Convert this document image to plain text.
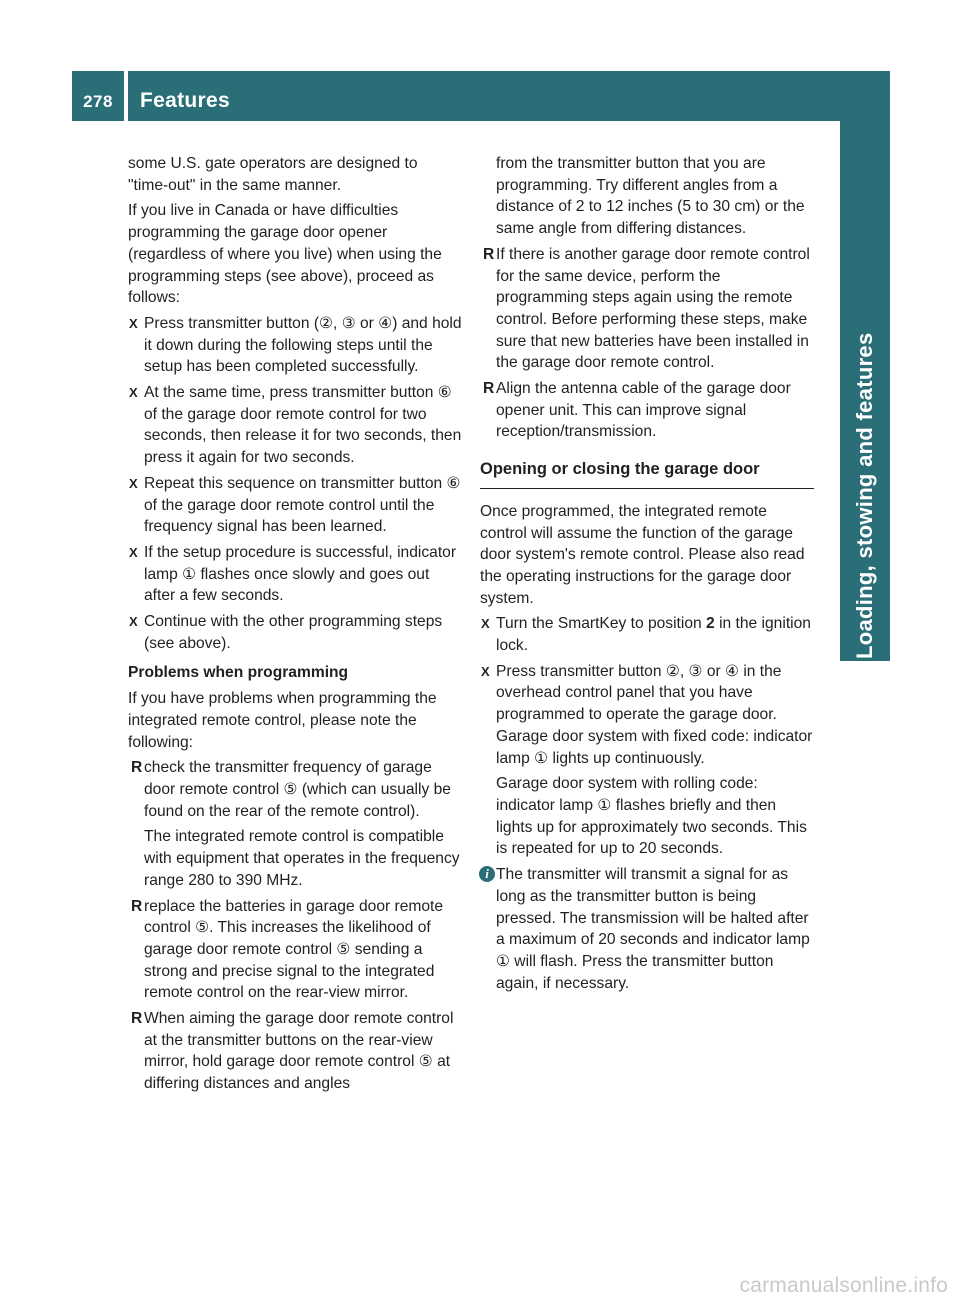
278	Features
Loading, stowing and features

some U.S. gate operators are designed to "time-out" in the same manner.

If you live in Canada or have difficulties programming the garage door opener (regardless of where you live) when using the programming steps (see above), proceed as follows:

X Press transmitter button (②, ③ or ④) and hold it down during the following steps until the setup has been completed successfully.
X At the same time, press transmitter button ⑥ of the garage door remote control for two seconds, then release it for two seconds, then press it again for two seconds.
X Repeat this sequence on transmitter button ⑥ of the garage door remote control until the frequency signal has been learned.
X If the setup procedure is successful, indicator lamp ① flashes once slowly and goes out after a few seconds.
X Continue with the other programming steps (see above).

Problems when programming

If you have problems when programming the integrated remote control, please note the following:

R check the transmitter frequency of garage door remote control ⑤ (which can usually be found on the rear of the remote control).

The integrated remote control is compatible with equipment that operates in the frequency range 280 to 390 MHz.

R replace the batteries in garage door remote control ⑤. This increases the likelihood of garage door remote control ⑤ sending a strong and precise signal to the integrated remote control on the rear-view mirror.
R When aiming the garage door remote control at the transmitter buttons on the rear-view mirror, hold garage door remote control ⑤ at differing distances and angles
from the transmitter button that you are programming. Try different angles from a distance of 2 to 12 inches (5 to 30 cm) or the same angle from differing distances.
R If there is another garage door remote control for the same device, perform the programming steps again using the remote control. Before performing these steps, make sure that new batteries have been installed in the garage door remote control.
R Align the antenna cable of the garage door opener unit. This can improve signal reception/transmission.
Opening or closing the garage door

Once programmed, the integrated remote control will assume the function of the garage door system's remote control. Please also read the operating instructions for the garage door system.

X Turn the SmartKey to position 2 in the ignition lock.
X Press transmitter button ②, ③ or ④ in the overhead control panel that you have programmed to operate the garage door. Garage door system with fixed code: indicator lamp ① lights up continuously.

Garage door system with rolling code: indicator lamp ① flashes briefly and then lights up for approximately two seconds. This is repeated for up to 20 seconds.

i The transmitter will transmit a signal for as long as the transmitter button is being pressed. The transmission will be halted after a maximum of 20 seconds and indicator lamp ① will flash. Press the transmitter button again, if necessary.
carmanualsonline.info
